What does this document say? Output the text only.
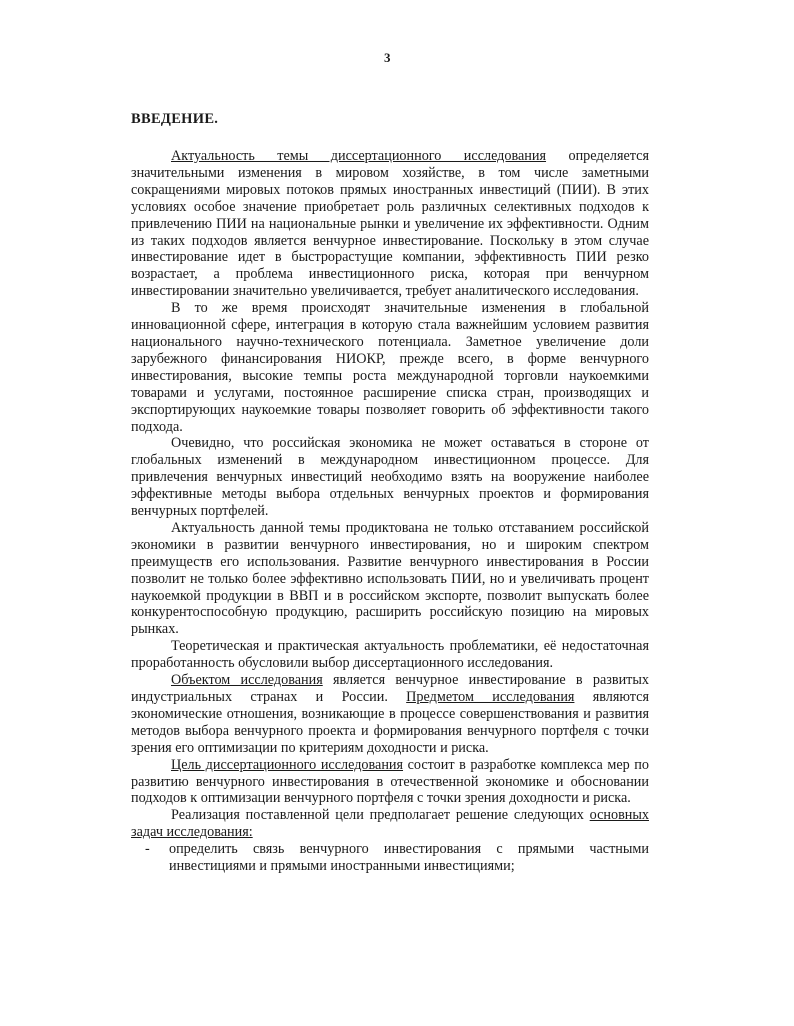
3
ВВЕДЕНИЕ.

Актуальность темы диссертационного исследования определяется значительными изменения в мировом хозяйстве, в том числе заметными сокращениями мировых потоков прямых иностранных инвестиций (ПИИ). В этих условиях особое значение приобретает роль различных селективных подходов к привлечению ПИИ на национальные рынки и увеличение их эффективности. Одним из таких подходов является венчурное инвестирование. Поскольку в этом случае инвестирование идет в быстрорастущие компании, эффективность ПИИ резко возрастает, а проблема инвестиционного риска, которая при венчурном инвестировании значительно увеличивается, требует аналитического исследования.

В то же время происходят значительные изменения в глобальной инновационной сфере, интеграция в которую стала важнейшим условием развития национального научно-технического потенциала. Заметное увеличение доли зарубежного финансирования НИОКР, прежде всего, в форме венчурного инвестирования, высокие темпы роста международной торговли наукоемкими товарами и услугами, постоянное расширение списка стран, производящих и экспортирующих наукоемкие товары позволяет говорить об эффективности такого подхода.

Очевидно, что российская экономика не может оставаться в стороне от глобальных изменений в международном инвестиционном процессе. Для привлечения венчурных инвестиций необходимо взять на вооружение наиболее эффективные методы выбора отдельных венчурных проектов и формирования венчурных портфелей.

Актуальность данной темы продиктована не только отставанием российской экономики в развитии венчурного инвестирования, но и широким спектром преимуществ его использования. Развитие венчурного инвестирования в России позволит не только более эффективно использовать ПИИ, но и увеличивать процент наукоемкой продукции в ВВП и в российском экспорте, позволит выпускать более конкурентоспособную продукцию, расширить российскую позицию на мировых рынках.

Теоретическая и практическая актуальность проблематики, её недостаточная проработанность обусловили выбор диссертационного исследования.

Объектом исследования является венчурное инвестирование в развитых индустриальных странах и России. Предметом исследования являются экономические отношения, возникающие в процессе совершенствования и развития методов выбора венчурного проекта и формирования венчурного портфеля с точки зрения его оптимизации по критериям доходности и риска.

Цель диссертационного исследования состоит в разработке комплекса мер по развитию венчурного инвестирования в отечественной экономике и обосновании подходов к оптимизации венчурного портфеля с точки зрения доходности и риска.

Реализация поставленной цели предполагает решение следующих основных задач исследования:

- определить связь венчурного инвестирования с прямыми частными инвестициями и прямыми иностранными инвестициями;
